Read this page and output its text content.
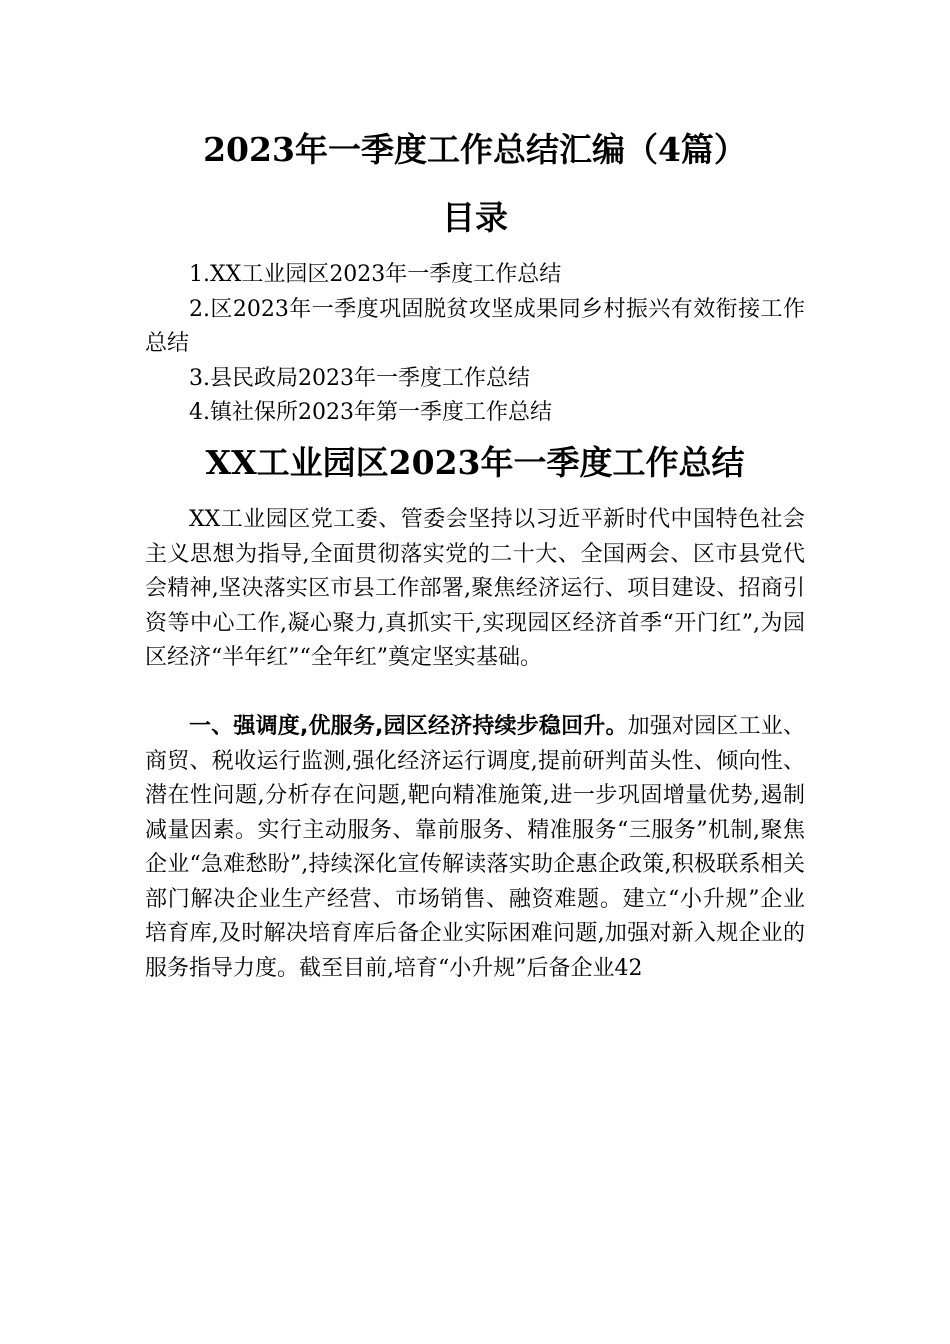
2023年一季度工作总结汇编（4篇）
目录

1.XX工业园区2023年一季度工作总结

2.区2023年一季度巩固脱贫攻坚成果同乡村振兴有效衔接工作总结

3.县民政局2023年一季度工作总结

4.镇社保所2023年第一季度工作总结

XX工业园区2023年一季度工作总结

XX工业园区党工委、管委会坚持以习近平新时代中国特色社会主义思想为指导,全面贯彻落实党的二十大、全国两会、区市县党代会精神,坚决落实区市县工作部署,聚焦经济运行、项目建设、招商引资等中心工作,凝心聚力,真抓实干,实现园区经济首季“开门红”,为园区经济“半年红”“全年红”奠定坚实基础。

一、强调度,优服务,园区经济持续步稳回升。加强对园区工业、商贸、税收运行监测,强化经济运行调度,提前研判苗头性、倾向性、潜在性问题,分析存在问题,靶向精准施策,进一步巩固增量优势,遏制减量因素。实行主动服务、靠前服务、精准服务“三服务”机制,聚焦企业“急难愁盼”,持续深化宣传解读落实助企惠企政策,积极联系相关部门解决企业生产经营、市场销售、融资难题。建立“小升规”企业培育库,及时解决培育库后备企业实际困难问题,加强对新入规企业的服务指导力度。截至目前,培育“小升规”后备企业42
